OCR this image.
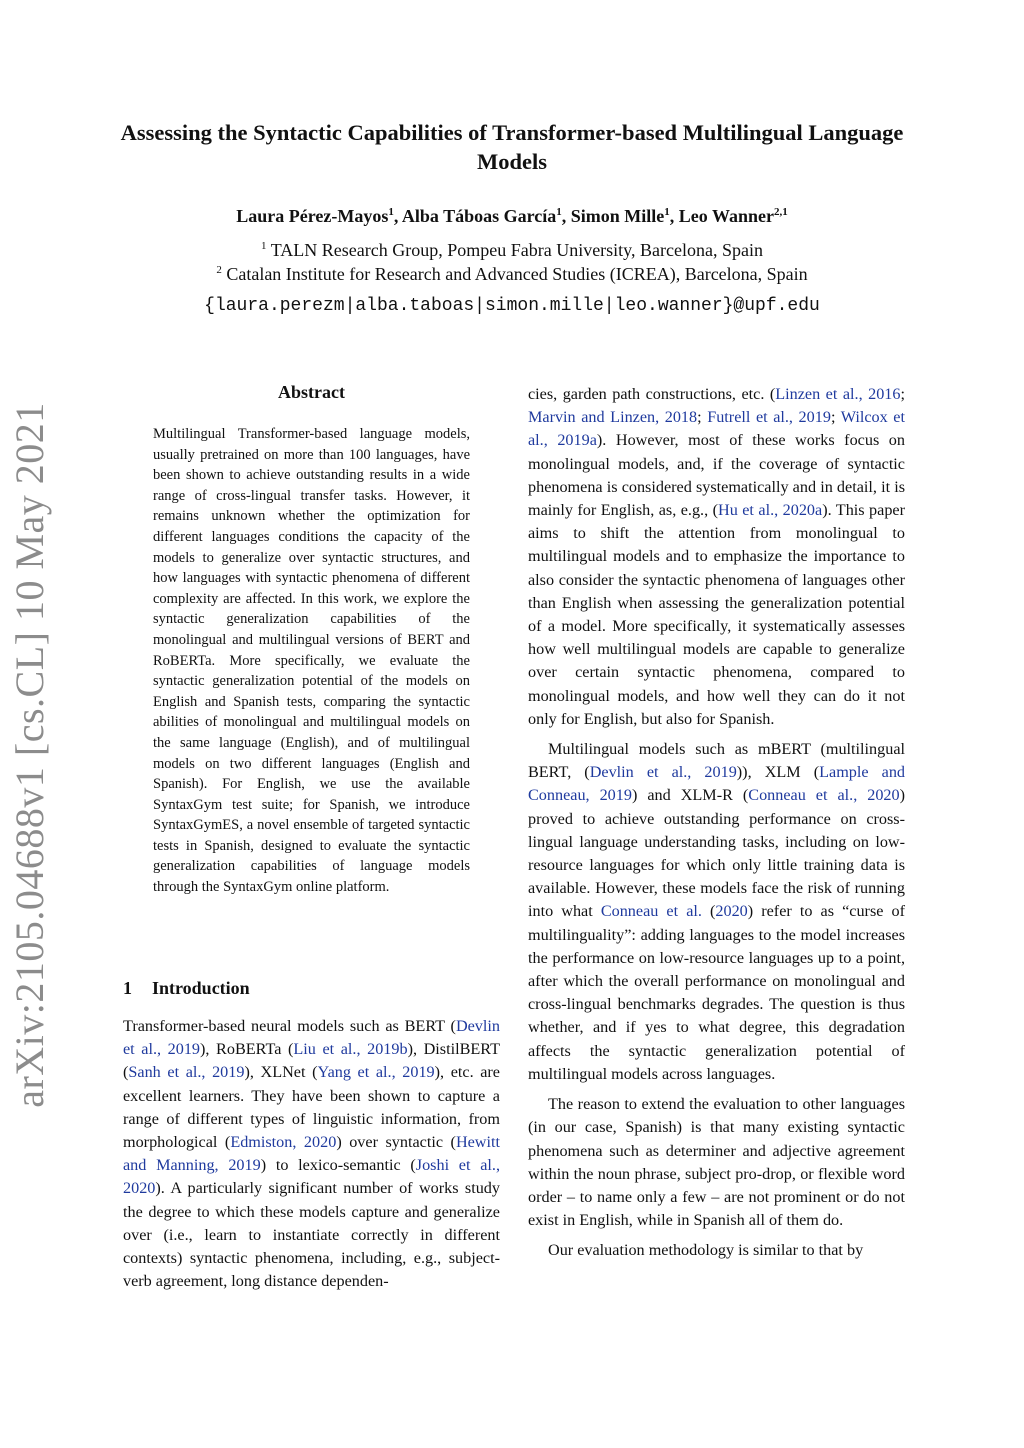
arXiv:2105.04688v1 [cs.CL] 10 May 2021
Assessing the Syntactic Capabilities of Transformer-based Multilingual Language Models

Laura Pérez-Mayos$^1$, Alba Táboas García$^1$, Simon Mille$^1$, Leo Wanner$^{2,1}$

$^1$ TALN Research Group, Pompeu Fabra University, Barcelona, Spain

$^2$ Catalan Institute for Research and Advanced Studies (ICREA), Barcelona, Spain

{laura.perezm|alba.taboas|simon.mille|leo.wanner}@upf.edu

Abstract

Multilingual Transformer-based language models, usually pretrained on more than 100 languages, have been shown to achieve outstanding results in a wide range of cross-lingual transfer tasks. However, it remains unknown whether the optimization for different languages conditions the capacity of the models to generalize over syntactic structures, and how languages with syntactic phenomena of different complexity are affected. In this work, we explore the syntactic generalization capabilities of the monolingual and multilingual versions of BERT and RoBERTa. More specifically, we evaluate the syntactic generalization potential of the models on English and Spanish tests, comparing the syntactic abilities of monolingual and multilingual models on the same language (English), and of multilingual models on two different languages (English and Spanish). For English, we use the available SyntaxGym test suite; for Spanish, we introduce SyntaxGymES, a novel ensemble of targeted syntactic tests in Spanish, designed to evaluate the syntactic generalization capabilities of language models through the SyntaxGym online platform.

1 Introduction

Transformer-based neural models such as BERT (Devlin et al., 2019), RoBERTa (Liu et al., 2019b), DistilBERT (Sanh et al., 2019), XLNet (Yang et al., 2019), etc. are excellent learners. They have been shown to capture a range of different types of linguistic information, from morphological (Edmiston, 2020) over syntactic (Hewitt and Manning, 2019) to lexico-semantic (Joshi et al., 2020). A particularly significant number of works study the degree to which these models capture and generalize over (i.e., learn to instantiate correctly in different contexts) syntactic phenomena, including, e.g., subject-verb agreement, long distance dependen-

cies, garden path constructions, etc. (Linzen et al., 2016; Marvin and Linzen, 2018; Futrell et al., 2019; Wilcox et al., 2019a). However, most of these works focus on monolingual models, and, if the coverage of syntactic phenomena is considered systematically and in detail, it is mainly for English, as, e.g., (Hu et al., 2020a). This paper aims to shift the attention from monolingual to multilingual models and to emphasize the importance to also consider the syntactic phenomena of languages other than English when assessing the generalization potential of a model. More specifically, it systematically assesses how well multilingual models are capable to generalize over certain syntactic phenomena, compared to monolingual models, and how well they can do it not only for English, but also for Spanish.

Multilingual models such as mBERT (multilingual BERT, (Devlin et al., 2019)), XLM (Lample and Conneau, 2019) and XLM-R (Conneau et al., 2020) proved to achieve outstanding performance on cross-lingual language understanding tasks, including on low-resource languages for which only little training data is available. However, these models face the risk of running into what Conneau et al. (2020) refer to as “curse of multilinguality”: adding languages to the model increases the performance on low-resource languages up to a point, after which the overall performance on monolingual and cross-lingual benchmarks degrades. The question is thus whether, and if yes to what degree, this degradation affects the syntactic generalization potential of multilingual models across languages.

The reason to extend the evaluation to other languages (in our case, Spanish) is that many existing syntactic phenomena such as determiner and adjective agreement within the noun phrase, subject pro-drop, or flexible word order – to name only a few – are not prominent or do not exist in English, while in Spanish all of them do.

Our evaluation methodology is similar to that by
